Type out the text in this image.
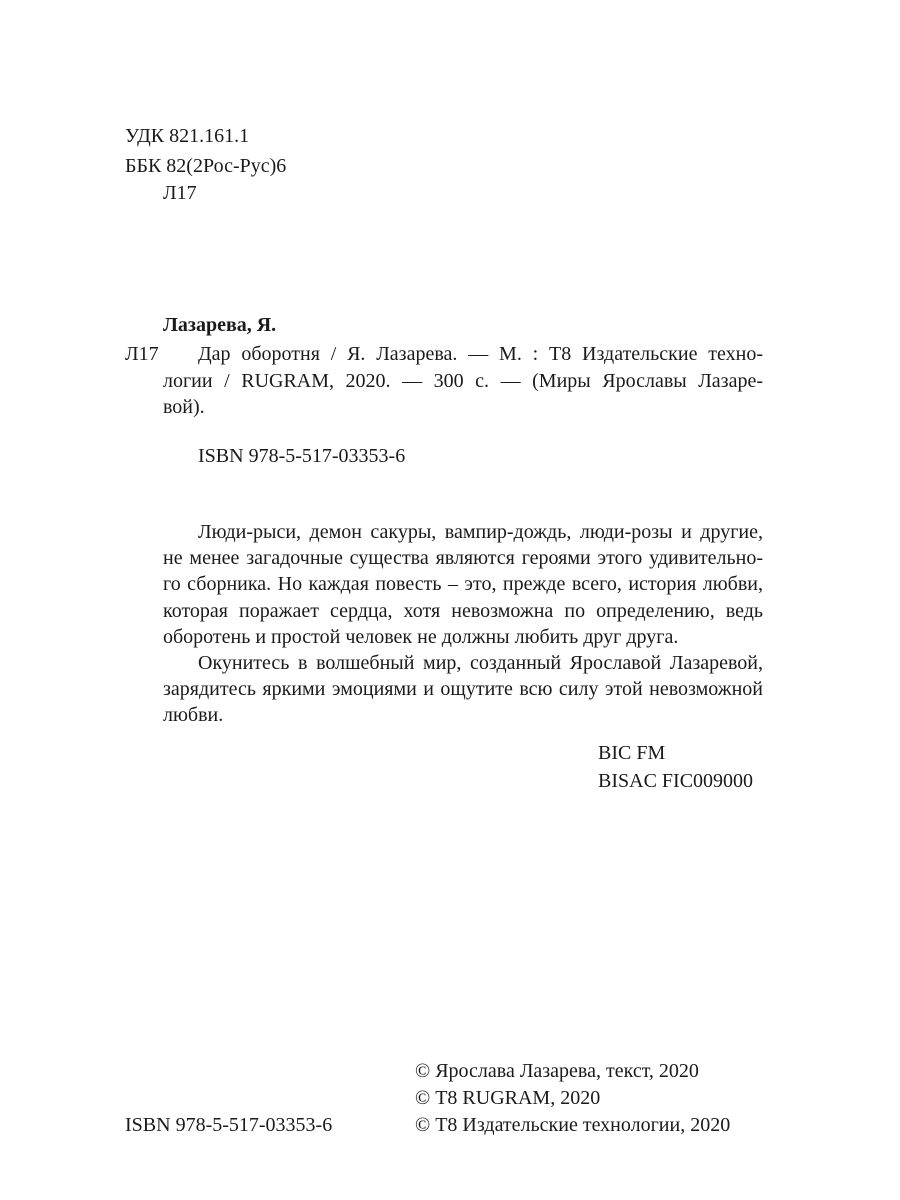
УДК 821.161.1
ББК 82(2Рос-Рус)6
Л17
Лазарева, Я.
Л17	Дар оборотня / Я. Лазарева. — М. : Т8 Издательские техно-
логии / RUGRAM, 2020. — 300 с. — (Миры Ярославы Лазаре-
вой).
ISBN 978-5-517-03353-6
Люди-рыси, демон сакуры, вампир-дождь, люди-розы и другие,
не менее загадочные существа являются героями этого удивительно-
го сборника. Но каждая повесть – это, прежде всего, история любви,
которая поражает сердца, хотя невозможна по определению, ведь
оборотень и простой человек не должны любить друг друга.
Окунитесь в волшебный мир, созданный Ярославой Лазаревой,
зарядитесь яркими эмоциями и ощутите всю силу этой невозможной
любви.
BIC FM
BISAC FIC009000
ISBN 978-5-517-03353-6
© Ярослава Лазарева, текст, 2020
© Т8 RUGRAM, 2020
© Т8 Издательские технологии, 2020
